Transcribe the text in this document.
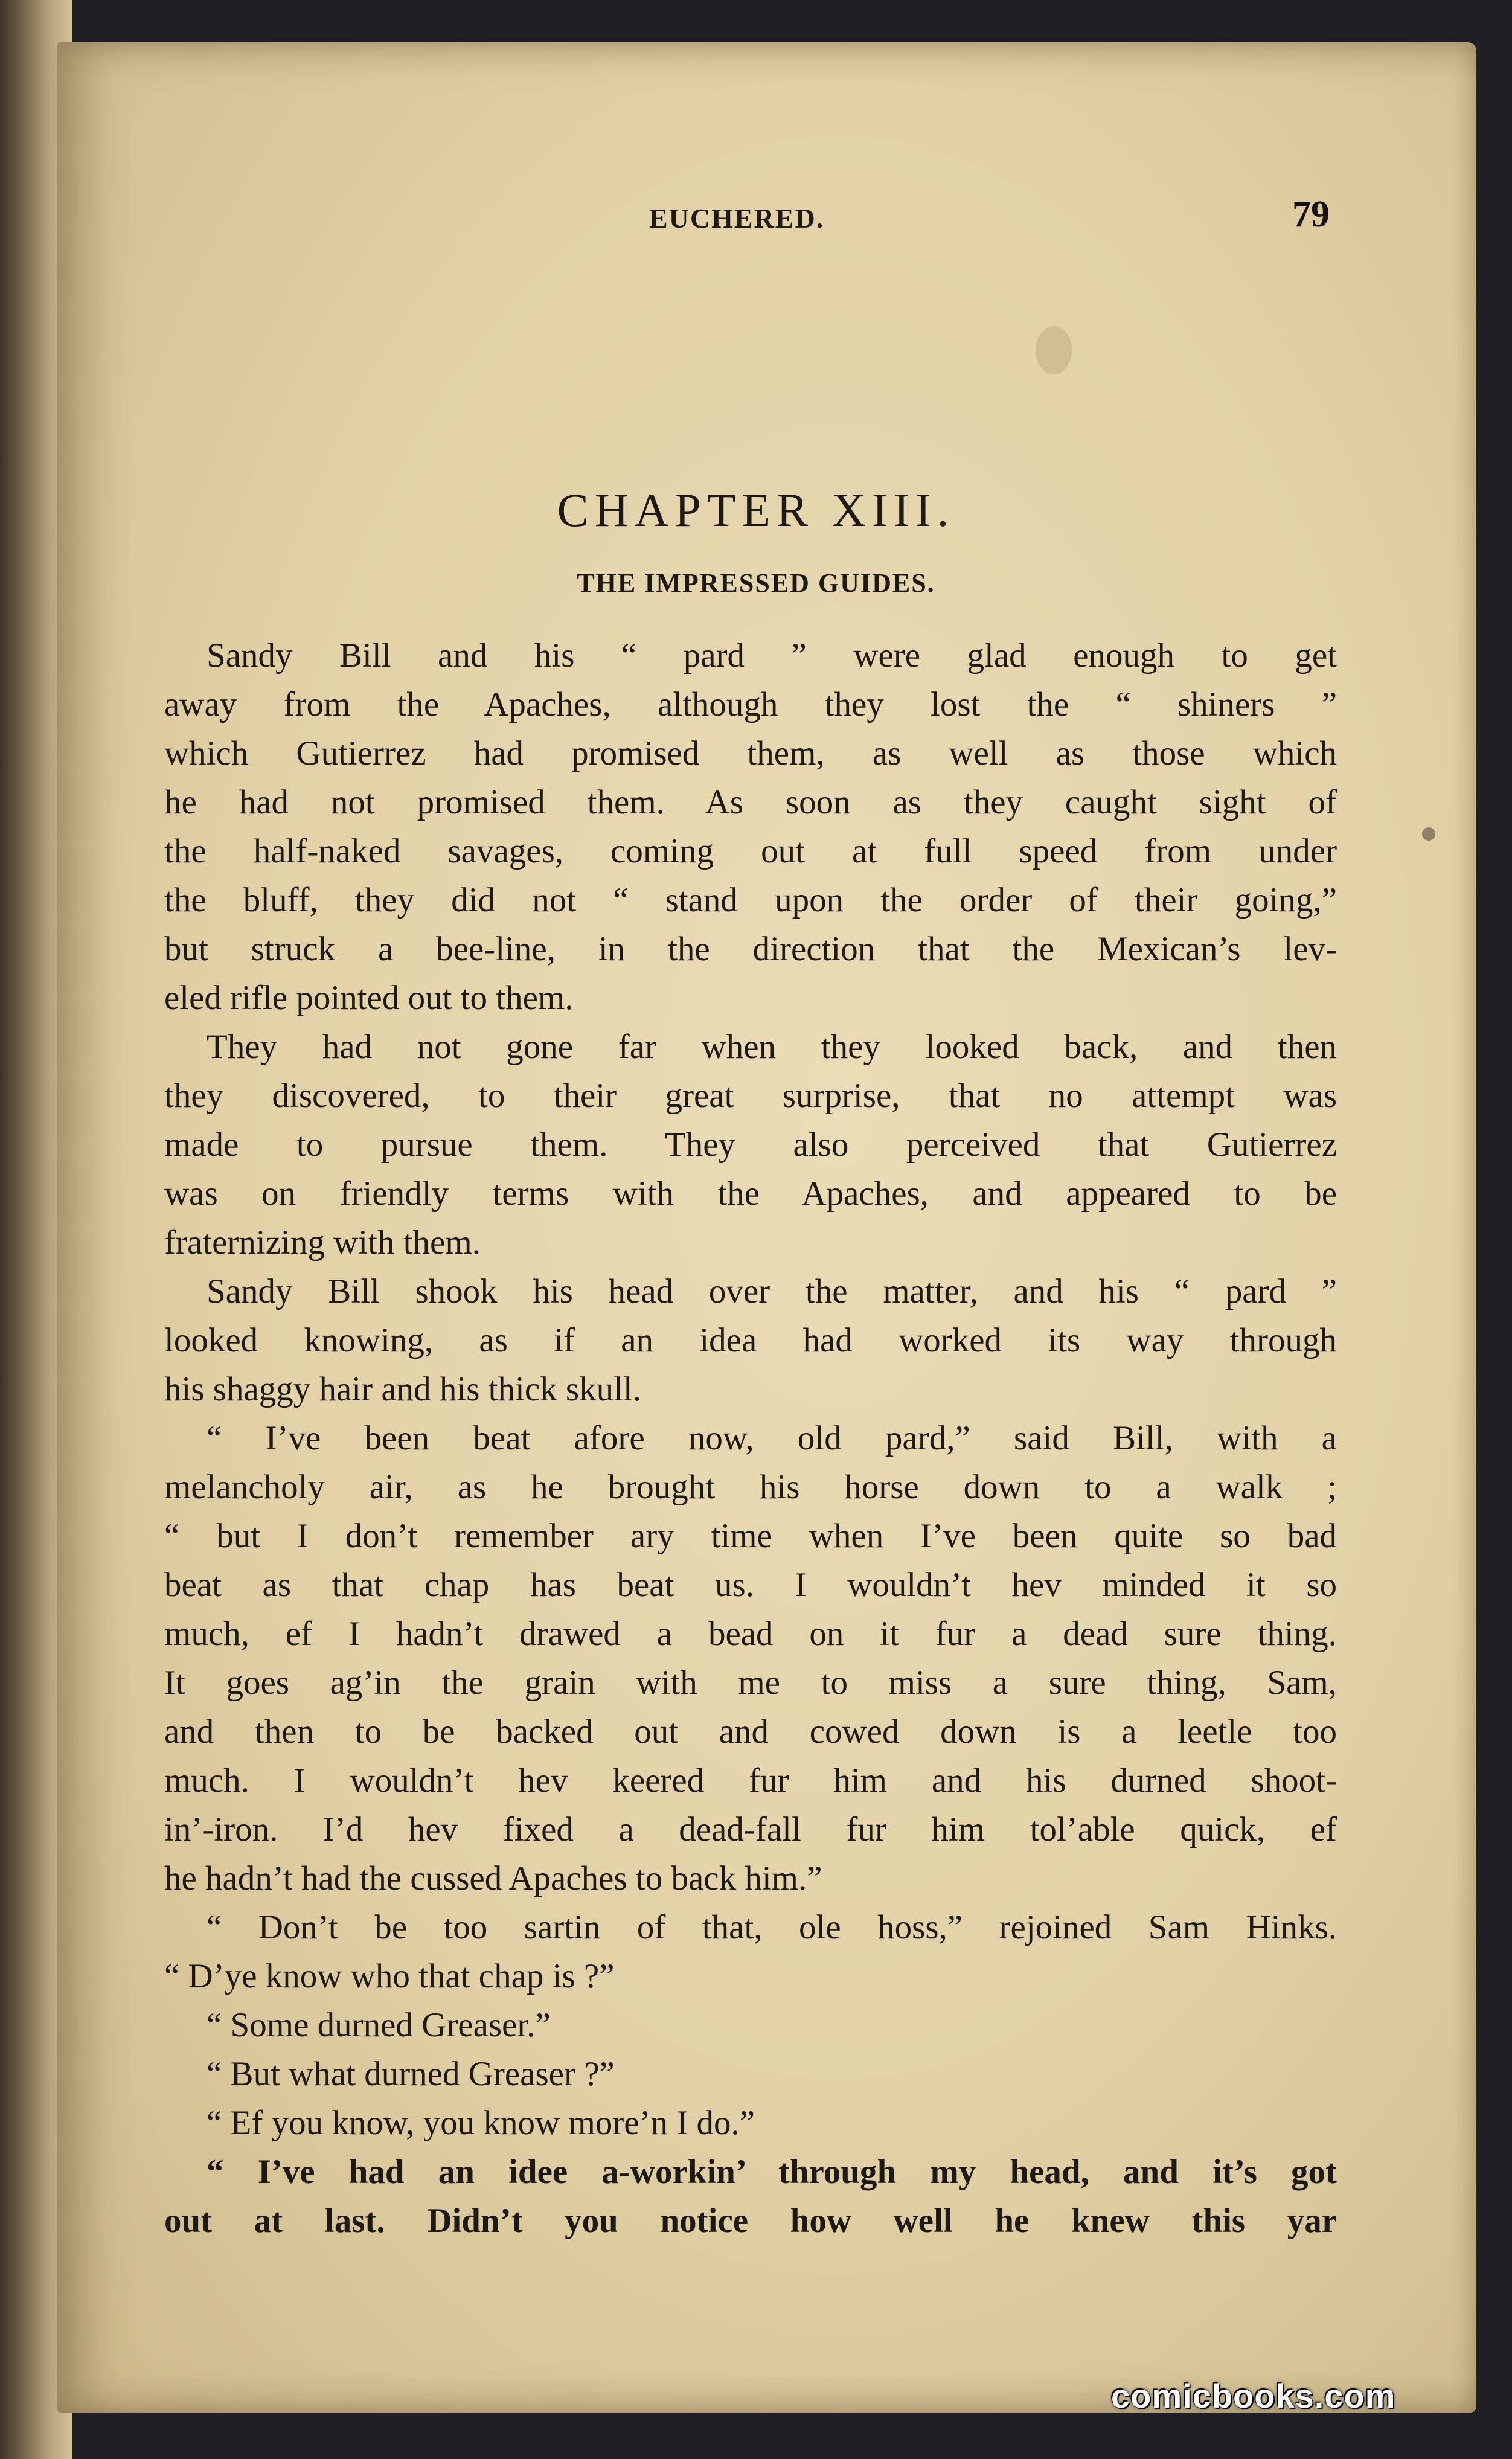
EUCHERED.	79
CHAPTER XIII.
THE IMPRESSED GUIDES.
Sandy Bill and his “ pard ” were glad enough to get
away from the Apaches, although they lost the “ shiners ”
which Gutierrez had promised them, as well as those which
he had not promised them. As soon as they caught sight of
the half-naked savages, coming out at full speed from under
the bluff, they did not “ stand upon the order of their going,”
but struck a bee-line, in the direction that the Mexican’s lev-
eled rifle pointed out to them.
They had not gone far when they looked back, and then
they discovered, to their great surprise, that no attempt was
made to pursue them. They also perceived that Gutierrez
was on friendly terms with the Apaches, and appeared to be
fraternizing with them.
Sandy Bill shook his head over the matter, and his “ pard ”
looked knowing, as if an idea had worked its way through
his shaggy hair and his thick skull.
“ I’ve been beat afore now, old pard,” said Bill, with a
melancholy air, as he brought his horse down to a walk ;
“ but I don’t remember ary time when I’ve been quite so bad
beat as that chap has beat us. I wouldn’t hev minded it so
much, ef I hadn’t drawed a bead on it fur a dead sure thing.
It goes ag’in the grain with me to miss a sure thing, Sam,
and then to be backed out and cowed down is a leetle too
much. I wouldn’t hev keered fur him and his durned shoot-
in’-iron. I’d hev fixed a dead-fall fur him tol’able quick, ef
he hadn’t had the cussed Apaches to back him.”
“ Don’t be too sartin of that, ole hoss,” rejoined Sam Hinks.
“ D’ye know who that chap is ?”
“ Some durned Greaser.”
“ But what durned Greaser ?”
“ Ef you know, you know more’n I do.”
“ I’ve had an idee a-workin’ through my head, and it’s got
out at last. Didn’t you notice how well he knew this yar
comicbooks.com
